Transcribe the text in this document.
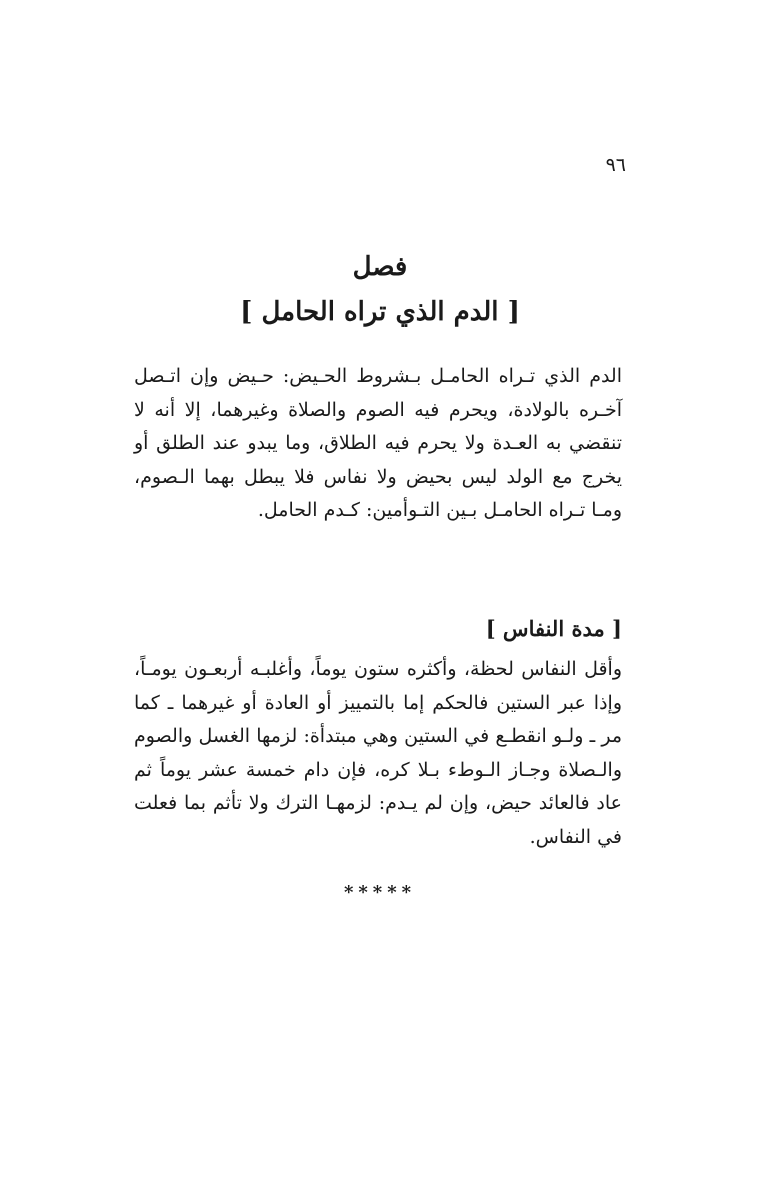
٩٦
فصل
[ الدم الذي تراه الحامل ]

الدم الذي تـراه الحامـل بـشروط الحـيض: حـيض وإن اتـصل آخـره بالولادة، ويحرم فيه الصوم والصلاة وغيرهما، إلا أنه لا تنقضي به العـدة ولا يحرم فيه الطلاق، وما يبدو عند الطلق أو يخرج مع الولد ليس بحيض ولا نفاس فلا يبطل بهما الـصوم، ومـا تـراه الحامـل بـين التـوأمين: كـدم الحامل.

[ مدة النفاس ]

وأقل النفاس لحظة، وأكثره ستون يوماً، وأغلبـه أربعـون يومـاً، وإذا عبر الستين فالحكم إما بالتمييز أو العادة أو غيرهما ـ كما مر ـ ولـو انقطـع في الستين وهي مبتدأة: لزمها الغسل والصوم والـصلاة وجـاز الـوطء بـلا كره، فإن دام خمسة عشر يوماً ثم عاد فالعائد حيض، وإن لم يـدم: لزمهـا الترك ولا تأثم بما فعلت في النفاس.

*****
